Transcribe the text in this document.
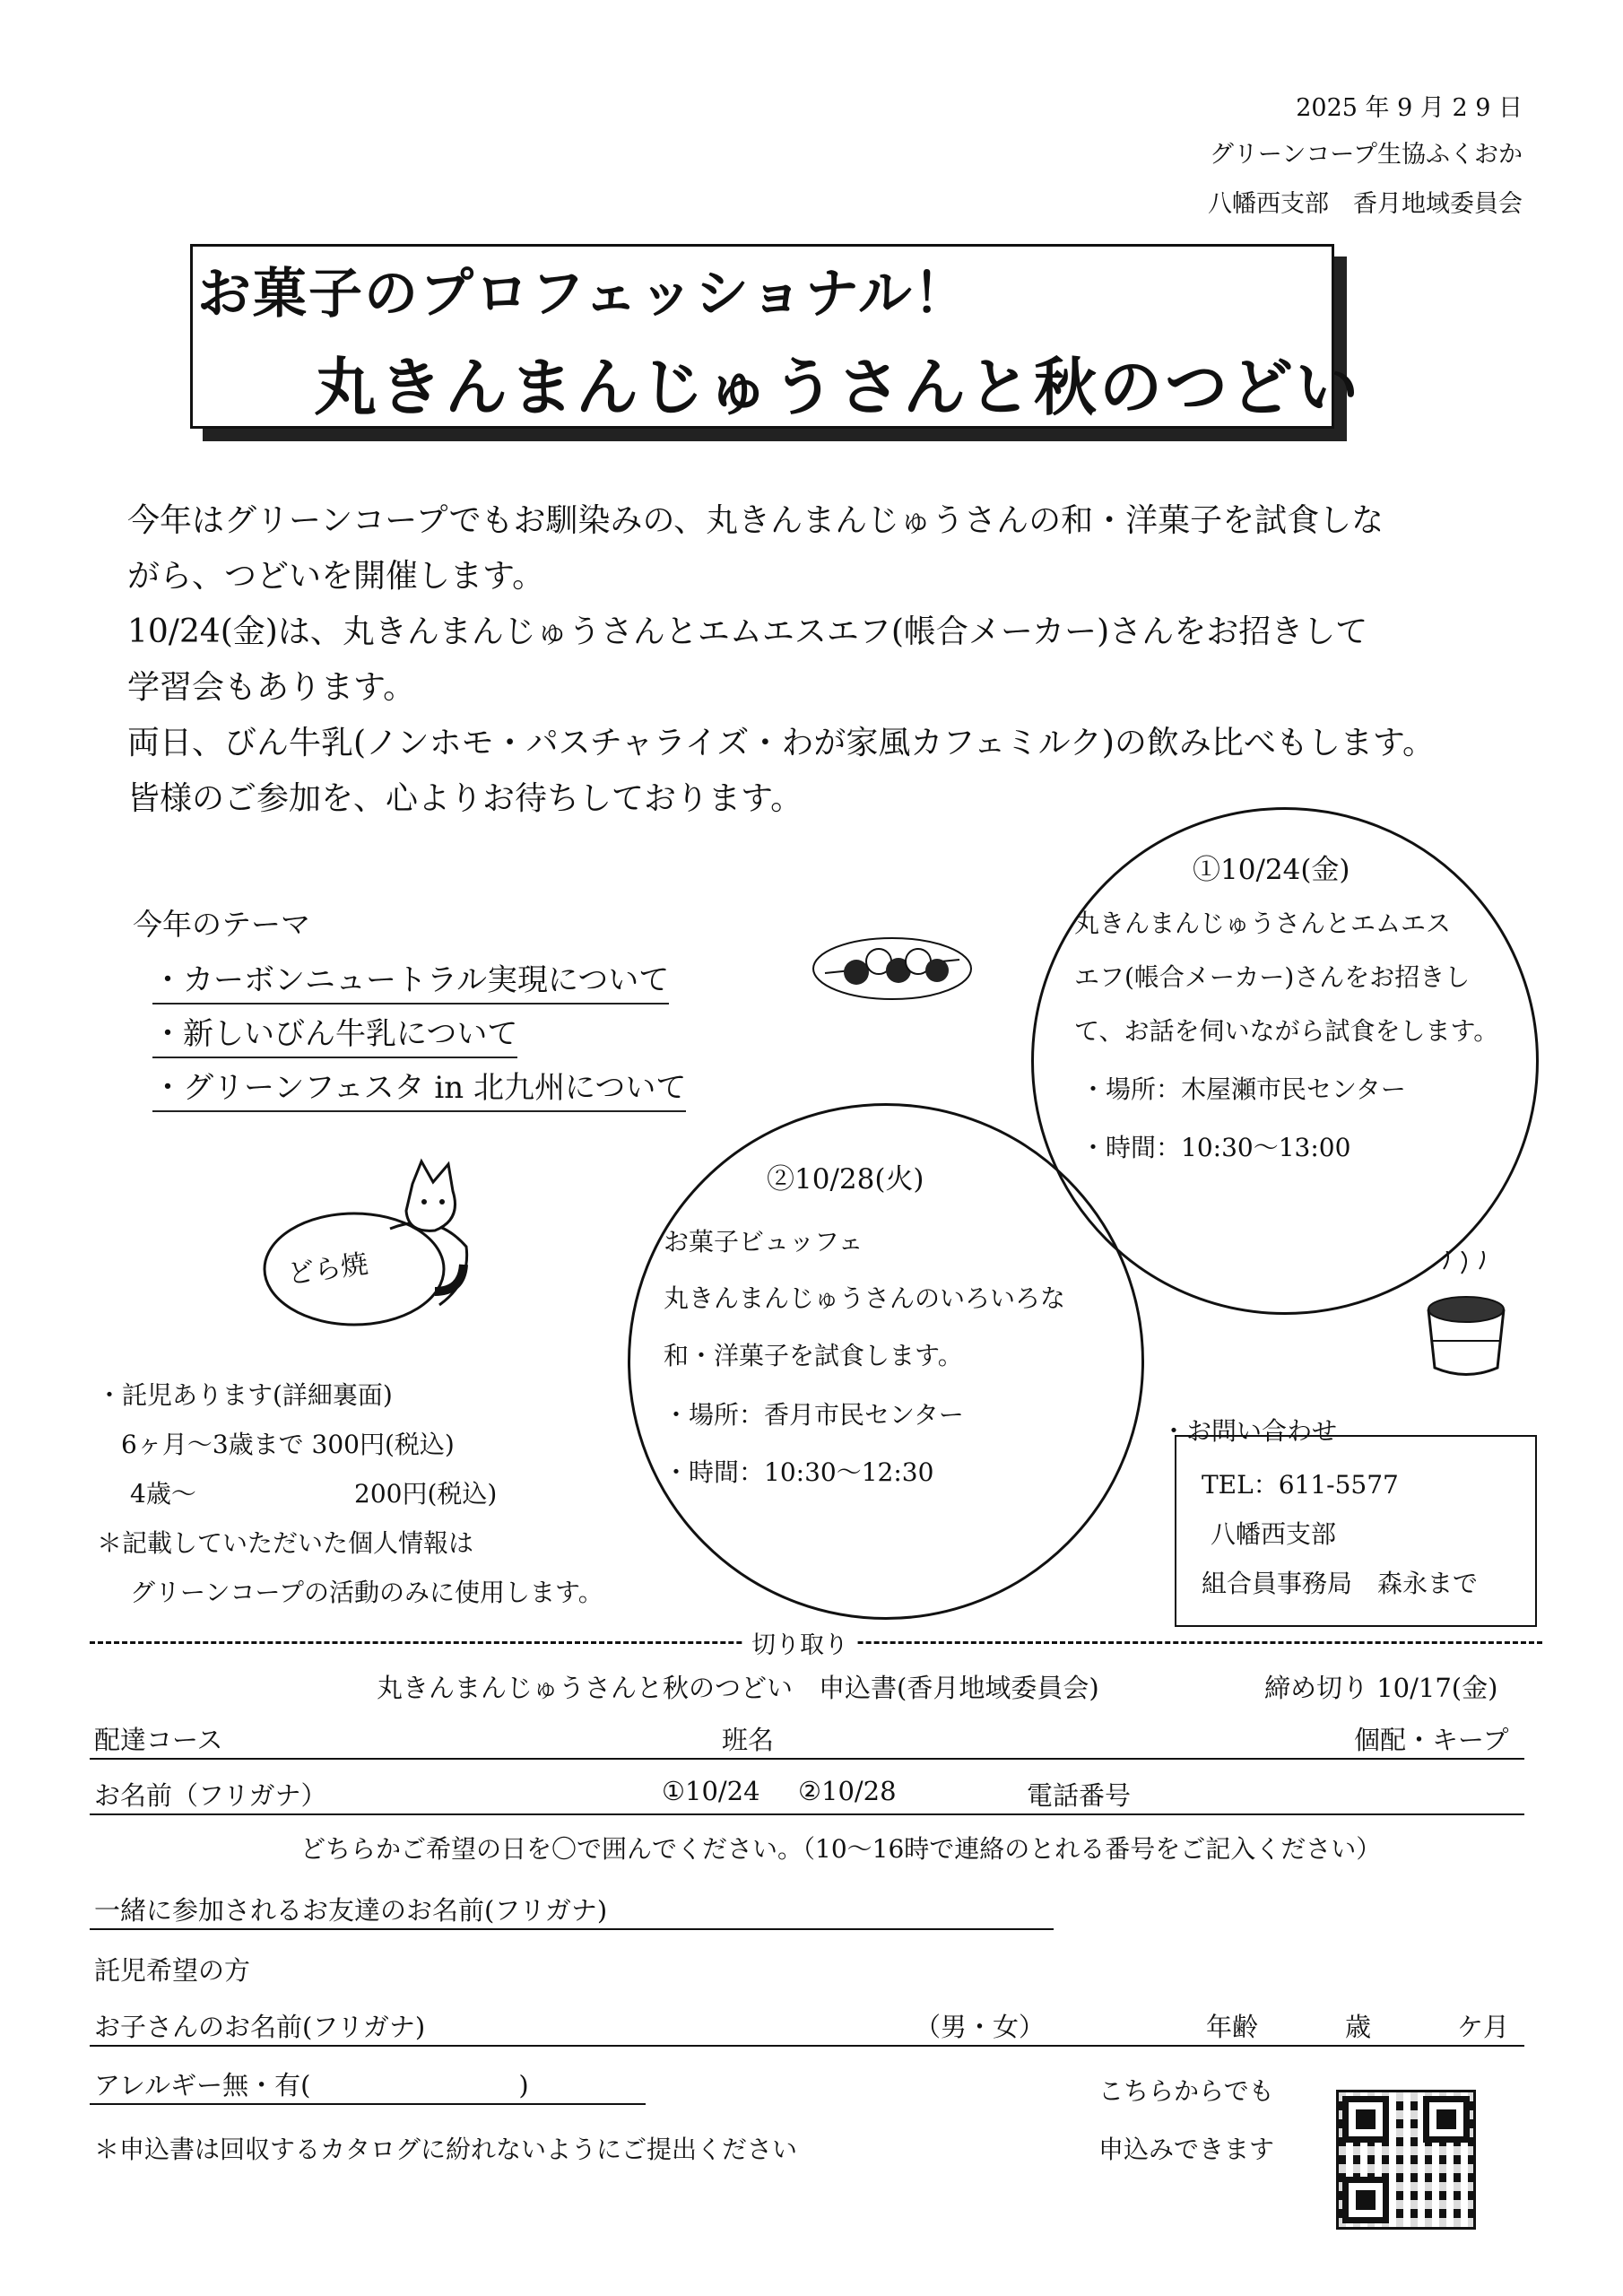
2025 年 9 月 2 9 日
グリーンコープ生協ふくおか
八幡西支部　香月地域委員会
お菓子のプロフェッショナル！
丸きんまんじゅうさんと秋のつどい

今年はグリーンコープでもお馴染みの、丸きんまんじゅうさんの和・洋菓子を試食しな

がら、つどいを開催します。

10/24(金)は、丸きんまんじゅうさんとエムエスエフ(帳合メーカー)さんをお招きして

学習会もあります。

両日、びん牛乳(ノンホモ・パスチャライズ・わが家風カフェミルク)の飲み比べもします。

皆様のご参加を、心よりお待ちしております。

今年のテーマ
・カーボンニュートラル実現について
・新しいびん牛乳について
・グリーンフェスタ in 北九州について
①10/24(金)
丸きんまんじゅうさんとエムエス
エフ(帳合メーカー)さんをお招きし
て、お話を伺いながら試食をします。
・場所：木屋瀬市民センター
・時間：10:30～13:00
②10/28(火)
お菓子ビュッフェ
丸きんまんじゅうさんのいろいろな
和・洋菓子を試食します。
・場所：香月市民センター
・時間：10:30～12:30
どら焼
・託児あります(詳細裏面)
6ヶ月～3歳まで 300円(税込)
4歳～	200円(税込)
＊記載していただいた個人情報は
グリーンコープの活動のみに使用します。
・お問い合わせ
TEL：611-5577
八幡西支部
組合員事務局　森永まで
切り取り
丸きんまんじゅうさんと秋のつどい　申込書(香月地域委員会)	締め切り 10/17(金)
配達コース	班名	個配・キープ
お名前（フリガナ）	①10/24 ②10/28	電話番号
どちらかご希望の日を〇で囲んでください。（10～16時で連絡のとれる番号をご記入ください）
一緒に参加されるお友達のお名前(フリガナ)
託児希望の方
お子さんのお名前(フリガナ)	（男・女）	年齢	歳	ケ月
アレルギー無・有(　　　　　　　　)
＊申込書は回収するカタログに紛れないようにご提出ください
こちらからでも
申込みできます
